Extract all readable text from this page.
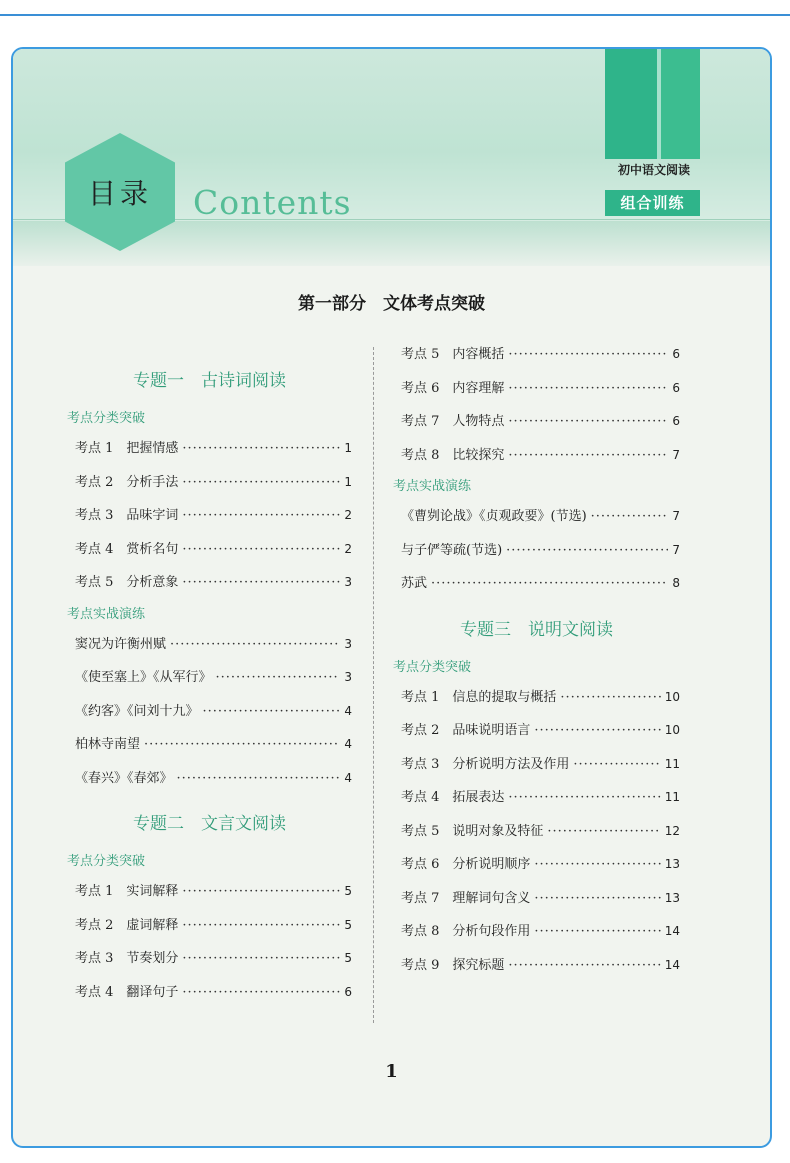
目录	Contents
初中语文阅读
组合训练
第一部分　文体考点突破
专题一　古诗词阅读
考点分类突破
考点 1　把握情感 ·····	1
考点 2　分析手法 ·····	1
考点 3　品味字词 ·····	2
考点 4　赏析名句 ·····	2
考点 5　分析意象 ·····	3
考点实战演练
窦况为许衡州赋 ·····	3
《使至塞上》《从军行》 ·····	3
《约客》《问刘十九》 ·····	4
柏林寺南望 ·····	4
《春兴》《春郊》 ·····	4
专题二　文言文阅读
考点分类突破
考点 1　实词解释 ·····	5
考点 2　虚词解释 ·····	5
考点 3　节奏划分 ·····	5
考点 4　翻译句子 ·····	6
考点 5　内容概括 ·····	6
考点 6　内容理解 ·····	6
考点 7　人物特点 ·····	6
考点 8　比较探究 ·····	7
考点实战演练
《曹刿论战》《贞观政要》(节选) ·····	7
与子俨等疏(节选) ·····	7
苏武 ·····	8
专题三　说明文阅读
考点分类突破
考点 1　信息的提取与概括 ·····	10
考点 2　品味说明语言 ·····	10
考点 3　分析说明方法及作用 ·····	11
考点 4　拓展表达 ·····	11
考点 5　说明对象及特征 ·····	12
考点 6　分析说明顺序 ·····	13
考点 7　理解词句含义 ·····	13
考点 8　分析句段作用 ·····	14
考点 9　探究标题 ·····	14
1
